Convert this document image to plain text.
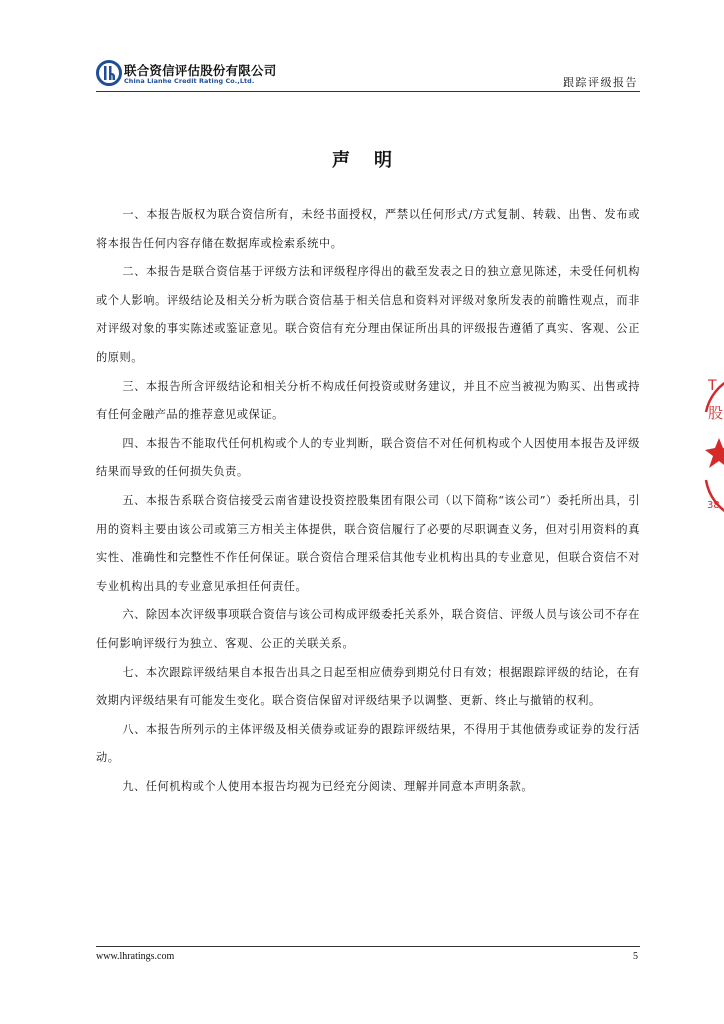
联合资信评估股份有限公司
China Lianhe Credit Rating Co.,Ltd.	跟踪评级报告
声明

一、本报告版权为联合资信所有，未经书面授权，严禁以任何形式/方式复制、转载、出售、发布或将本报告任何内容存储在数据库或检索系统中。

二、本报告是联合资信基于评级方法和评级程序得出的截至发表之日的独立意见陈述，未受任何机构或个人影响。评级结论及相关分析为联合资信基于相关信息和资料对评级对象所发表的前瞻性观点，而非对评级对象的事实陈述或鉴证意见。联合资信有充分理由保证所出具的评级报告遵循了真实、客观、公正的原则。

三、本报告所含评级结论和相关分析不构成任何投资或财务建议，并且不应当被视为购买、出售或持有任何金融产品的推荐意见或保证。

四、本报告不能取代任何机构或个人的专业判断，联合资信不对任何机构或个人因使用本报告及评级结果而导致的任何损失负责。

五、本报告系联合资信接受云南省建设投资控股集团有限公司（以下简称“该公司”）委托所出具，引用的资料主要由该公司或第三方相关主体提供，联合资信履行了必要的尽职调查义务，但对引用资料的真实性、准确性和完整性不作任何保证。联合资信合理采信其他专业机构出具的专业意见，但联合资信不对专业机构出具的专业意见承担任何责任。

六、除因本次评级事项联合资信与该公司构成评级委托关系外，联合资信、评级人员与该公司不存在任何影响评级行为独立、客观、公正的关联关系。

七、本次跟踪评级结果自本报告出具之日起至相应债券到期兑付日有效；根据跟踪评级的结论，在有效期内评级结果有可能发生变化。联合资信保留对评级结果予以调整、更新、终止与撤销的权利。

八、本报告所列示的主体评级及相关债券或证券的跟踪评级结果，不得用于其他债券或证券的发行活动。

九、任何机构或个人使用本报告均视为已经充分阅读、理解并同意本声明条款。

T
股
38
www.lhratings.com	5
